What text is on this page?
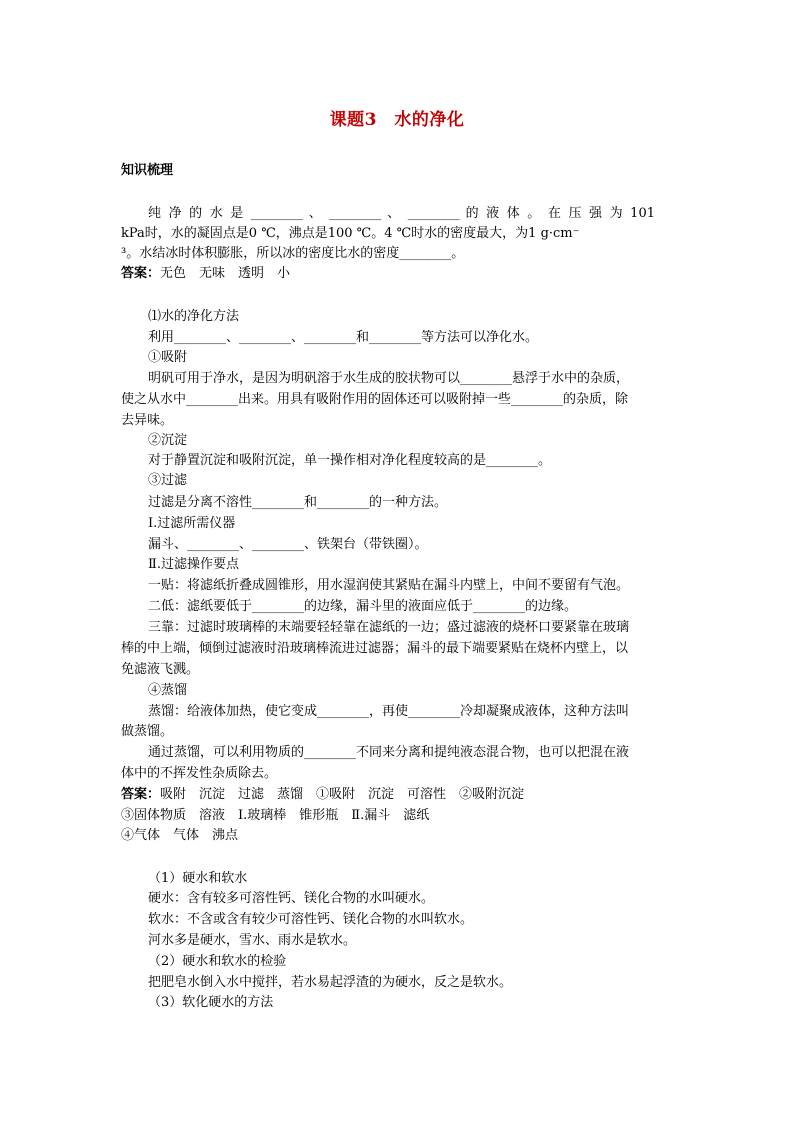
课题3　水的净化
知识梳理
纯 净 的 水 是 ________ 、 ________ 、 ________ 的 液 体 。 在 压 强 为 101
kPa时，水的凝固点是0 ℃，沸点是100 ℃。4 ℃时水的密度最大，为1 g·cm⁻
³。水结冰时体积膨胀，所以冰的密度比水的密度________。
答案：无色　无味　透明　小
⑴水的净化方法
利用________、________、________和________等方法可以净化水。
①吸附
明矾可用于净水，是因为明矾溶于水生成的胶状物可以________悬浮于水中的杂质，
使之从水中________出来。用具有吸附作用的固体还可以吸附掉一些________的杂质，除
去异味。
②沉淀
对于静置沉淀和吸附沉淀，单一操作相对净化程度较高的是________。
③过滤
过滤是分离不溶性________和________的一种方法。
Ⅰ.过滤所需仪器
漏斗、________、________、铁架台（带铁圈）。
Ⅱ.过滤操作要点
一贴：将滤纸折叠成圆锥形，用水湿润使其紧贴在漏斗内壁上，中间不要留有气泡。
二低：滤纸要低于________的边缘，漏斗里的液面应低于________的边缘。
三靠：过滤时玻璃棒的末端要轻轻靠在滤纸的一边；盛过滤液的烧杯口要紧靠在玻璃
棒的中上端，倾倒过滤液时沿玻璃棒流进过滤器；漏斗的最下端要紧贴在烧杯内壁上，以
免滤液飞溅。
④蒸馏
蒸馏：给液体加热，使它变成________，再使________冷却凝聚成液体，这种方法叫
做蒸馏。
通过蒸馏，可以利用物质的________不同来分离和提纯液态混合物，也可以把混在液
体中的不挥发性杂质除去。
答案：吸附　沉淀　过滤　蒸馏　①吸附　沉淀　可溶性　②吸附沉淀
③固体物质　溶液　Ⅰ.玻璃棒　锥形瓶　Ⅱ.漏斗　滤纸
④气体　气体　沸点
（1）硬水和软水
硬水：含有较多可溶性钙、镁化合物的水叫硬水。
软水：不含或含有较少可溶性钙、镁化合物的水叫软水。
河水多是硬水，雪水、雨水是软水。
（2）硬水和软水的检验
把肥皂水倒入水中搅拌，若水易起浮渣的为硬水，反之是软水。
（3）软化硬水的方法
